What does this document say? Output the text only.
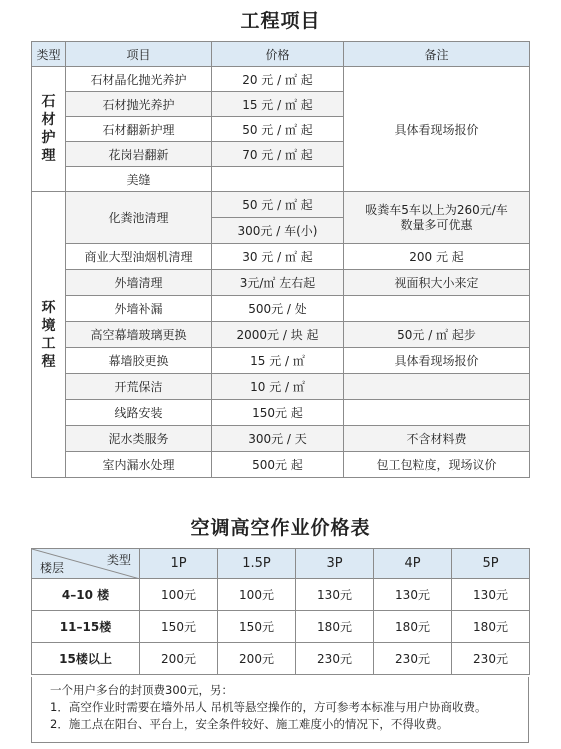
工程项目
类型	项目	价格	备注
石
材
护
理	石材晶化抛光养护	20 元 / ㎡ 起	具体看现场报价
	石材抛光养护	15 元 / ㎡ 起	
	石材翻新护理	50 元 / ㎡ 起	
	花岗岩翻新	70 元 / ㎡ 起	
	美缝		
环
境
工
程	化粪池清理	50 元 / ㎡ 起	吸粪车5车以上为260元/车
数量多可优惠
		300元 / 车(小)	
	商业大型油烟机清理	30 元 / ㎡ 起	200 元 起
	外墙清理	3元/㎡ 左右起	视面积大小来定
	外墙补漏	500元 / 处	
	高空幕墙玻璃更换	2000元 / 块 起	50元 / ㎡ 起步
	幕墙胶更换	15 元 / ㎡	具体看现场报价
	开荒保洁	10 元 / ㎡	
	线路安装	150元 起	
	泥水类服务	300元 / 天	不含材料费
	室内漏水处理	500元 起	包工包粒度，现场议价
空调高空作业价格表
类型
楼层	1P	1.5P	3P	4P	5P
4–10 楼	100元	100元	130元	130元	130元
11–15楼	150元	150元	180元	180元	180元
15楼以上	200元	200元	230元	230元	230元
一个用户多台的封顶费300元，另：
1．高空作业时需要在墙外吊人 吊机等悬空操作的，方可参考本标准与用户协商收费。
2．施工点在阳台、平台上，安全条件较好、施工难度小的情况下，不得收费。
